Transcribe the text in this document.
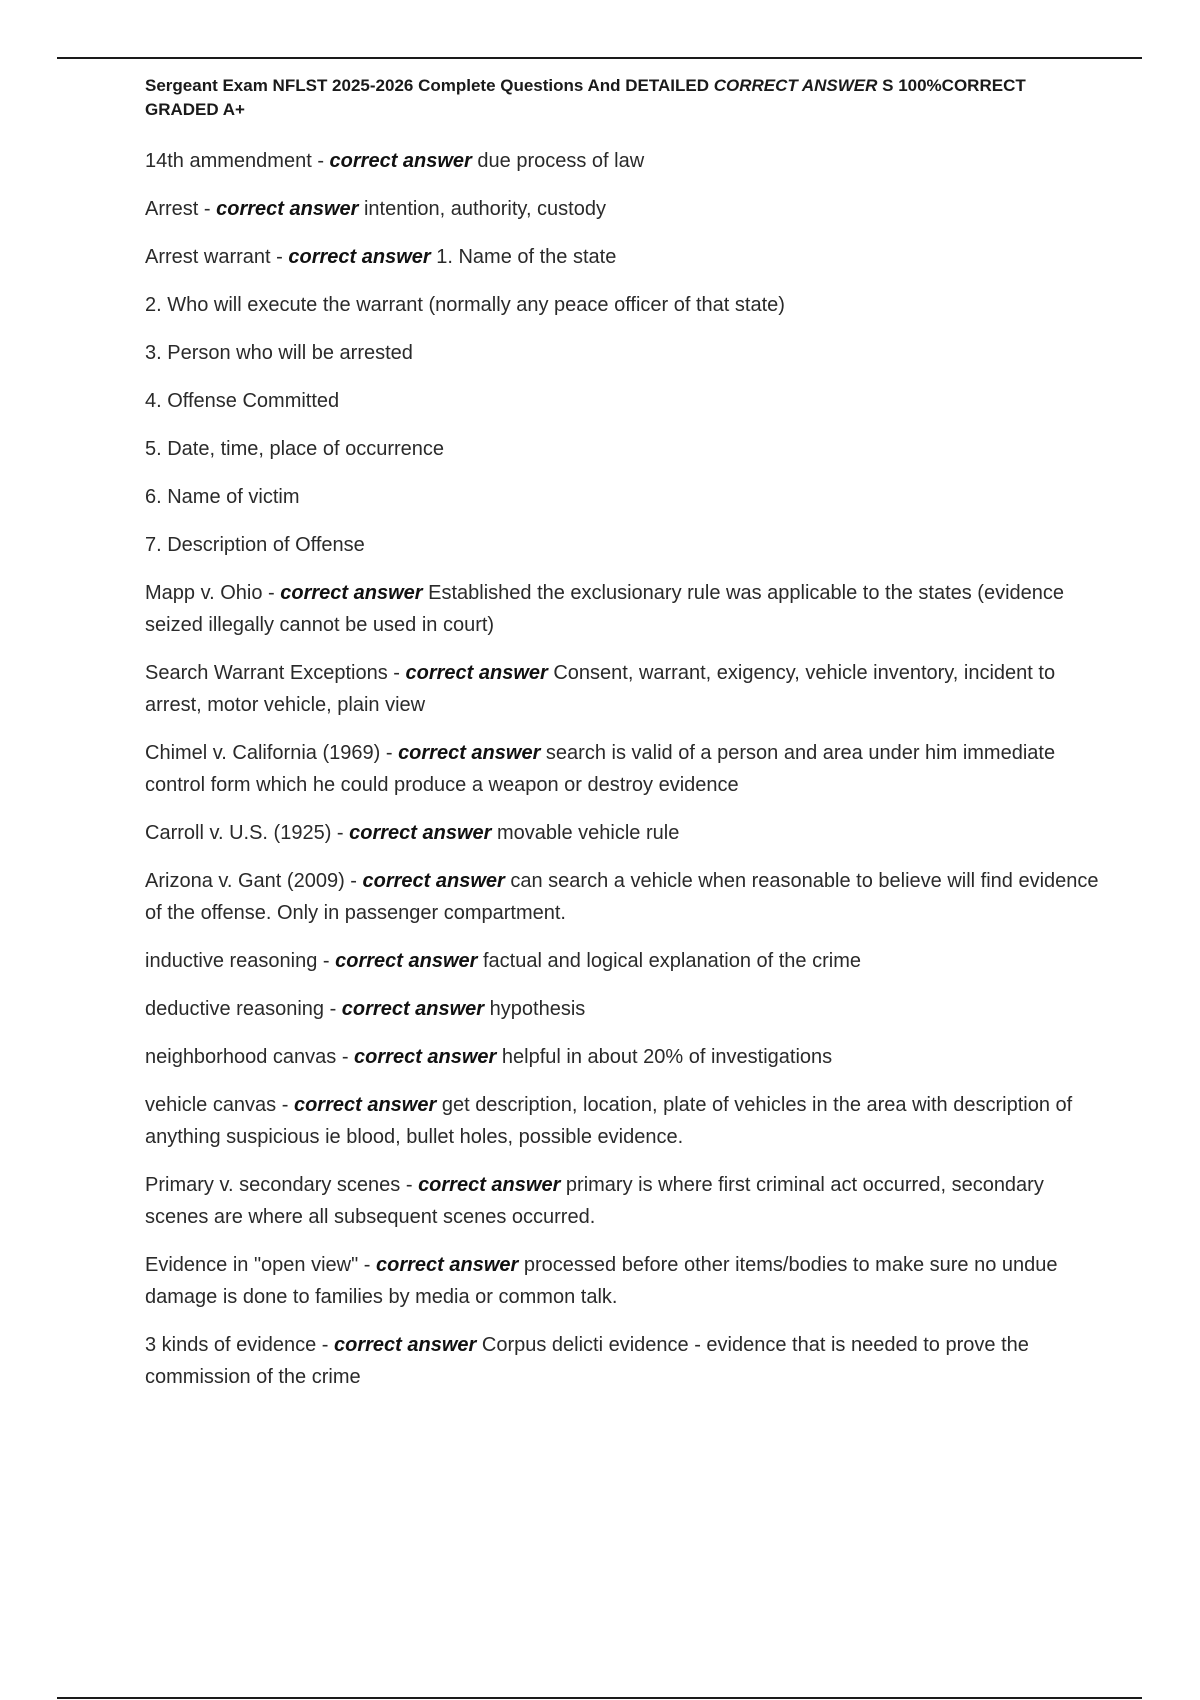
Sergeant Exam NFLST 2025-2026 Complete Questions And DETAILED CORRECT ANSWER S 100%CORRECT GRADED A+

14th ammendment - correct answer due process of law

Arrest - correct answer intention, authority, custody

Arrest warrant - correct answer 1. Name of the state

2. Who will execute the warrant (normally any peace officer of that state)

3. Person who will be arrested

4. Offense Committed

5. Date, time, place of occurrence

6. Name of victim

7. Description of Offense

Mapp v. Ohio - correct answer Established the exclusionary rule was applicable to the states (evidence seized illegally cannot be used in court)

Search Warrant Exceptions - correct answer Consent, warrant, exigency, vehicle inventory, incident to arrest, motor vehicle, plain view

Chimel v. California (1969) - correct answer search is valid of a person and area under him immediate control form which he could produce a weapon or destroy evidence

Carroll v. U.S. (1925) - correct answer movable vehicle rule

Arizona v. Gant (2009) - correct answer can search a vehicle when reasonable to believe will find evidence of the offense. Only in passenger compartment.

inductive reasoning - correct answer factual and logical explanation of the crime

deductive reasoning - correct answer hypothesis

neighborhood canvas - correct answer helpful in about 20% of investigations

vehicle canvas - correct answer get description, location, plate of vehicles in the area with description of anything suspicious ie blood, bullet holes, possible evidence.

Primary v. secondary scenes - correct answer primary is where first criminal act occurred, secondary scenes are where all subsequent scenes occurred.

Evidence in "open view" - correct answer processed before other items/bodies to make sure no undue damage is done to families by media or common talk.

3 kinds of evidence - correct answer Corpus delicti evidence - evidence that is needed to prove the commission of the crime
